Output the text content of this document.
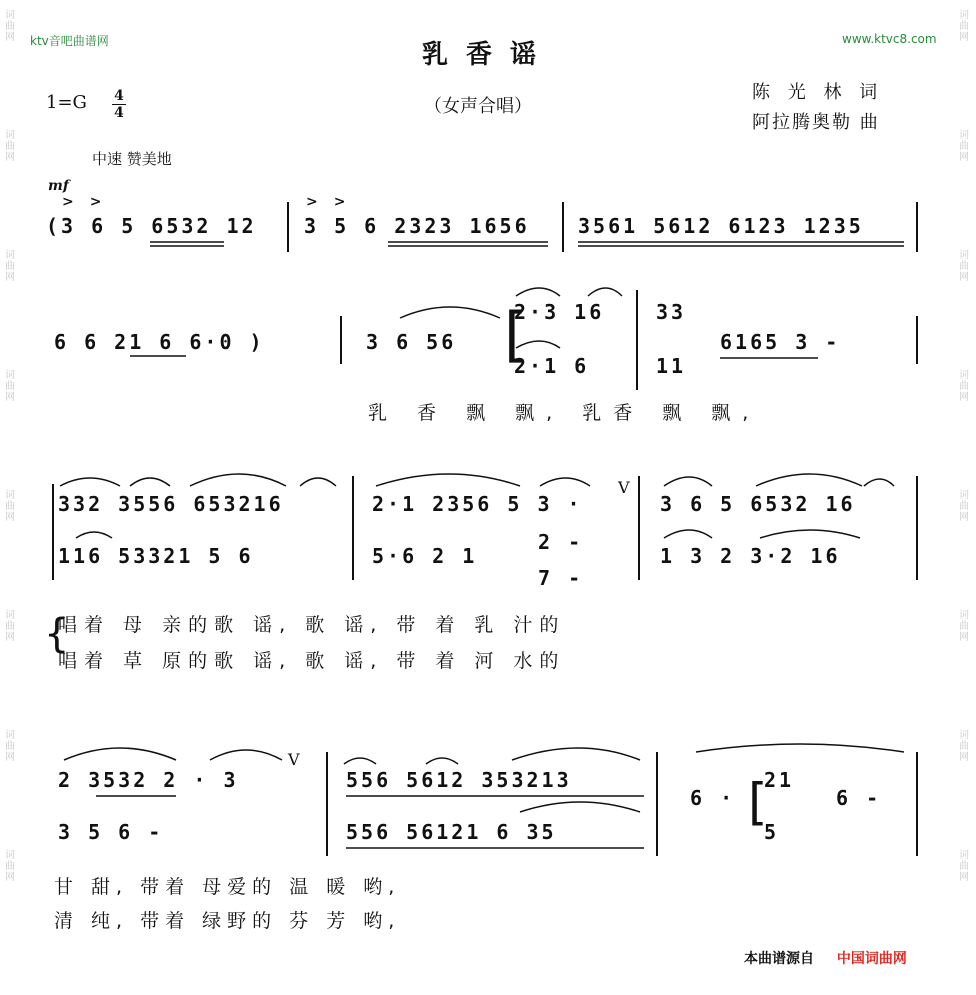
词
曲
网
词
曲
网
词
曲
网
词
曲
网
词
曲
网
词
曲
网
词
曲
网
词
曲
网
词
曲
网
词
曲
网
词
曲
网
词
曲
网
词
曲
网
词
曲
网
词
曲
网
词
曲
网
ktv音吧曲谱网	www.ktvc8.com
乳香谣
$1=G \frac{4}{4}$	（女声合唱）
陈 光 林 词
阿拉腾奥勒 曲
中速 赞美地
mf
>>	>>
(3 6 5 6532 12 3 5 6 2323 1656 3561 5612 6123 1235
6 6 21 6 6·0 )	3 6 56 [
2·3 16
2·1 6
33
11
6165 3 -
乳 香 飘 飘, 乳香 飘 飘,
332 3556 653216
116 53321 5 6
2·1 2356 5 3 ·
5·6 2 1
2 -
7 -
V
3 6 5 6532 16
1 3 2 3·2 16
{
唱着 母 亲的歌 谣, 歌 谣, 带 着 乳 汁的
唱着 草 原的歌 谣, 歌 谣, 带 着 河 水的
2 3532 2 · 3
3 5 6 -
V
556 5612 353213
556 56121 6 35
6 · [
21
5
6 -
甘 甜, 带着 母爱的 温 暖 哟,
清 纯, 带着 绿野的 芬 芳 哟,
本曲谱源自 中国词曲网
